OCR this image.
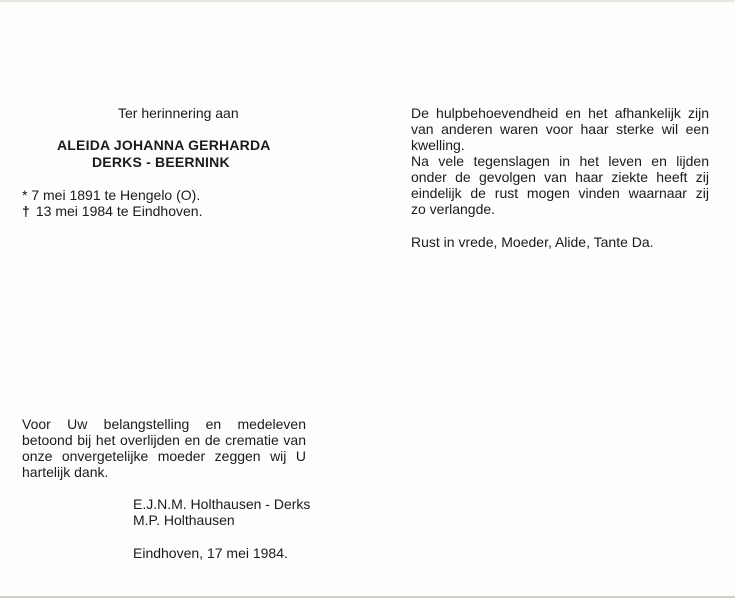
Ter herinnering aan
ALEIDA JOHANNA GERHARDA
DERKS - BEERNINK
* 7 mei 1891 te Hengelo (O).
† 13 mei 1984 te Eindhoven.
Voor Uw belangstelling en medeleven
betoond bij het overlijden en de crematie van
onze onvergetelijke moeder zeggen wij U
hartelijk dank.
E.J.N.M. Holthausen - Derks
M.P. Holthausen
Eindhoven, 17 mei 1984.
De hulpbehoevendheid en het afhankelijk zijn
van anderen waren voor haar sterke wil een
kwelling.
Na vele tegenslagen in het leven en lijden
onder de gevolgen van haar ziekte heeft zij
eindelijk de rust mogen vinden waarnaar zij
zo verlangde.
Rust in vrede, Moeder, Alide, Tante Da.
